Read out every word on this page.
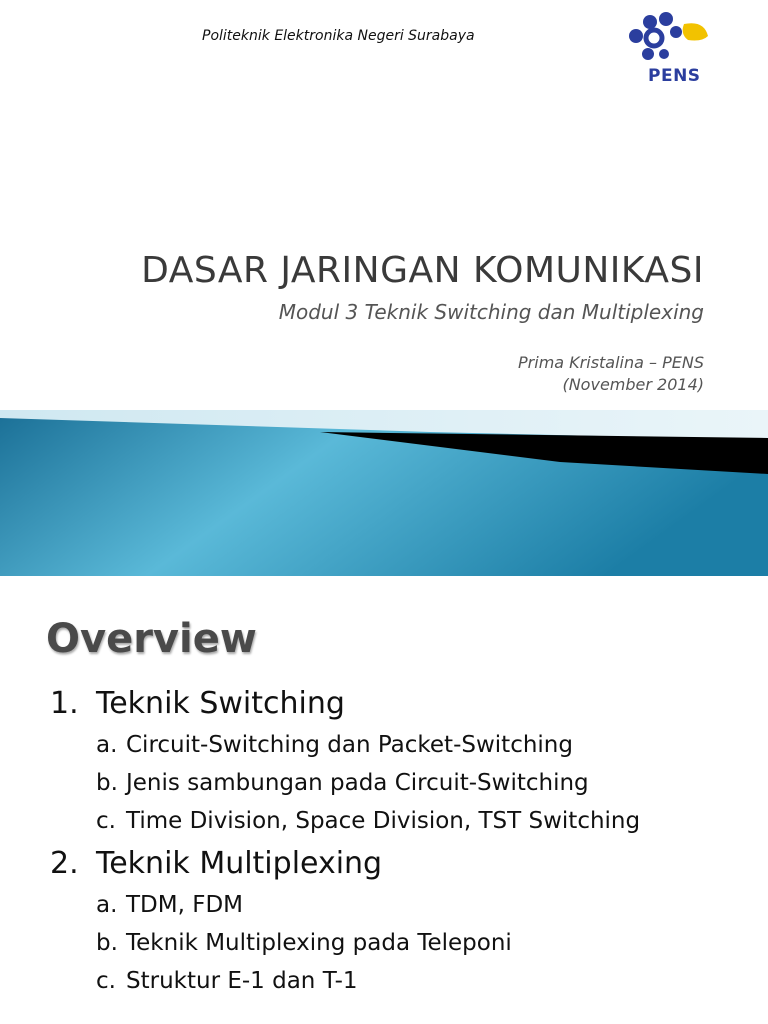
Politeknik Elektronika Negeri Surabaya
PENS
DASAR JARINGAN KOMUNIKASI
Modul 3 Teknik Switching dan Multiplexing
Prima Kristalina – PENS
(November 2014)
Overview
1. Teknik Switching
a. Circuit-Switching dan Packet-Switching
b. Jenis sambungan pada Circuit-Switching
c. Time Division, Space Division, TST Switching
2. Teknik Multiplexing
a. TDM, FDM
b. Teknik Multiplexing pada Teleponi
c. Struktur E-1 dan T-1
